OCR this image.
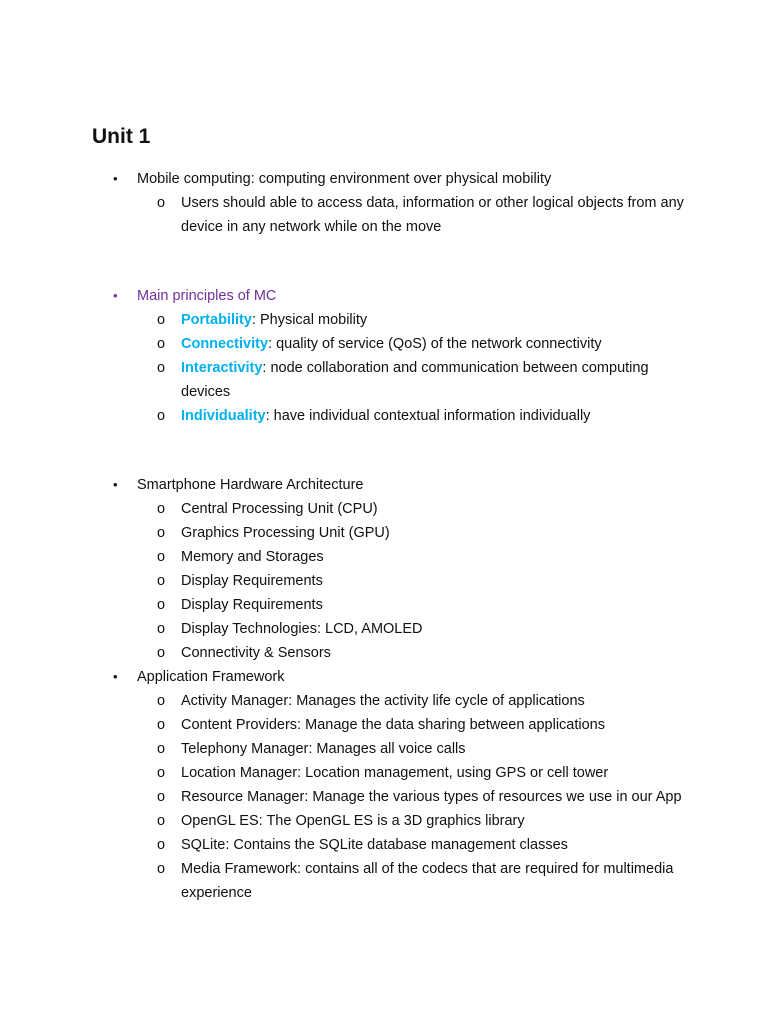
Unit 1
• Mobile computing: computing environment over physical mobility
o Users should able to access data, information or other logical objects from any device in any network while on the move
• Main principles of MC
o Portability: Physical mobility
o Connectivity: quality of service (QoS) of the network connectivity
o Interactivity: node collaboration and communication between computing devices
o Individuality: have individual contextual information individually
• Smartphone Hardware Architecture
o Central Processing Unit (CPU)
o Graphics Processing Unit (GPU)
o Memory and Storages
o Display Requirements
o Display Requirements
o Display Technologies: LCD, AMOLED
o Connectivity & Sensors
• Application Framework
o Activity Manager: Manages the activity life cycle of applications
o Content Providers: Manage the data sharing between applications
o Telephony Manager: Manages all voice calls
o Location Manager: Location management, using GPS or cell tower
o Resource Manager: Manage the various types of resources we use in our App
o OpenGL ES: The OpenGL ES is a 3D graphics library
o SQLite: Contains the SQLite database management classes
o Media Framework: contains all of the codecs that are required for multimedia experience
